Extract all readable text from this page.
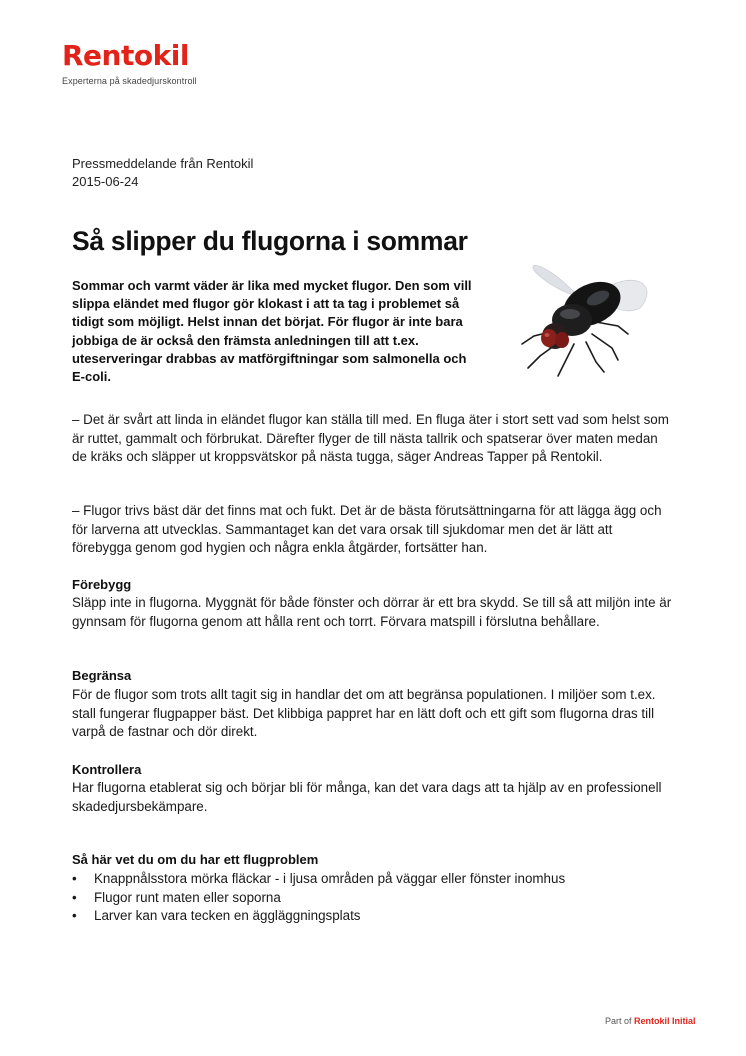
Rentokil
Experterna på skadedjurskontroll
Pressmeddelande från Rentokil
2015-06-24
Så slipper du flugorna i sommar

Sommar och varmt väder är lika med mycket flugor. Den som vill slippa eländet med flugor gör klokast i att ta tag i problemet så tidigt som möjligt. Helst innan det börjat. För flugor är inte bara jobbiga de är också den främsta anledningen till att t.ex. uteserveringar drabbas av matförgiftningar som salmonella och E-coli.

– Det är svårt att linda in eländet flugor kan ställa till med. En fluga äter i stort sett vad som helst som är ruttet, gammalt och förbrukat. Därefter flyger de till nästa tallrik och spatserar över maten medan de kräks och släpper ut kroppsvätskor på nästa tugga, säger Andreas Tapper på Rentokil.

– Flugor trivs bäst där det finns mat och fukt. Det är de bästa förutsättningarna för att lägga ägg och för larverna att utvecklas. Sammantaget kan det vara orsak till sjukdomar men det är lätt att förebygga genom god hygien och några enkla åtgärder, fortsätter han.

Förebygg

Släpp inte in flugorna. Myggnät för både fönster och dörrar är ett bra skydd. Se till så att miljön inte är gynnsam för flugorna genom att hålla rent och torrt. Förvara matspill i förslutna behållare.

Begränsa

För de flugor som trots allt tagit sig in handlar det om att begränsa populationen. I miljöer som t.ex. stall fungerar flugpapper bäst. Det klibbiga pappret har en lätt doft och ett gift som flugorna dras till varpå de fastnar och dör direkt.

Kontrollera

Har flugorna etablerat sig och börjar bli för många, kan det vara dags att ta hjälp av en professionell skadedjursbekämpare.

Så här vet du om du har ett flugproblem
• Knappnålsstora mörka fläckar - i ljusa områden på väggar eller fönster inomhus
• Flugor runt maten eller soporna
• Larver kan vara tecken en äggläggningsplats
Part of Rentokil Initial
